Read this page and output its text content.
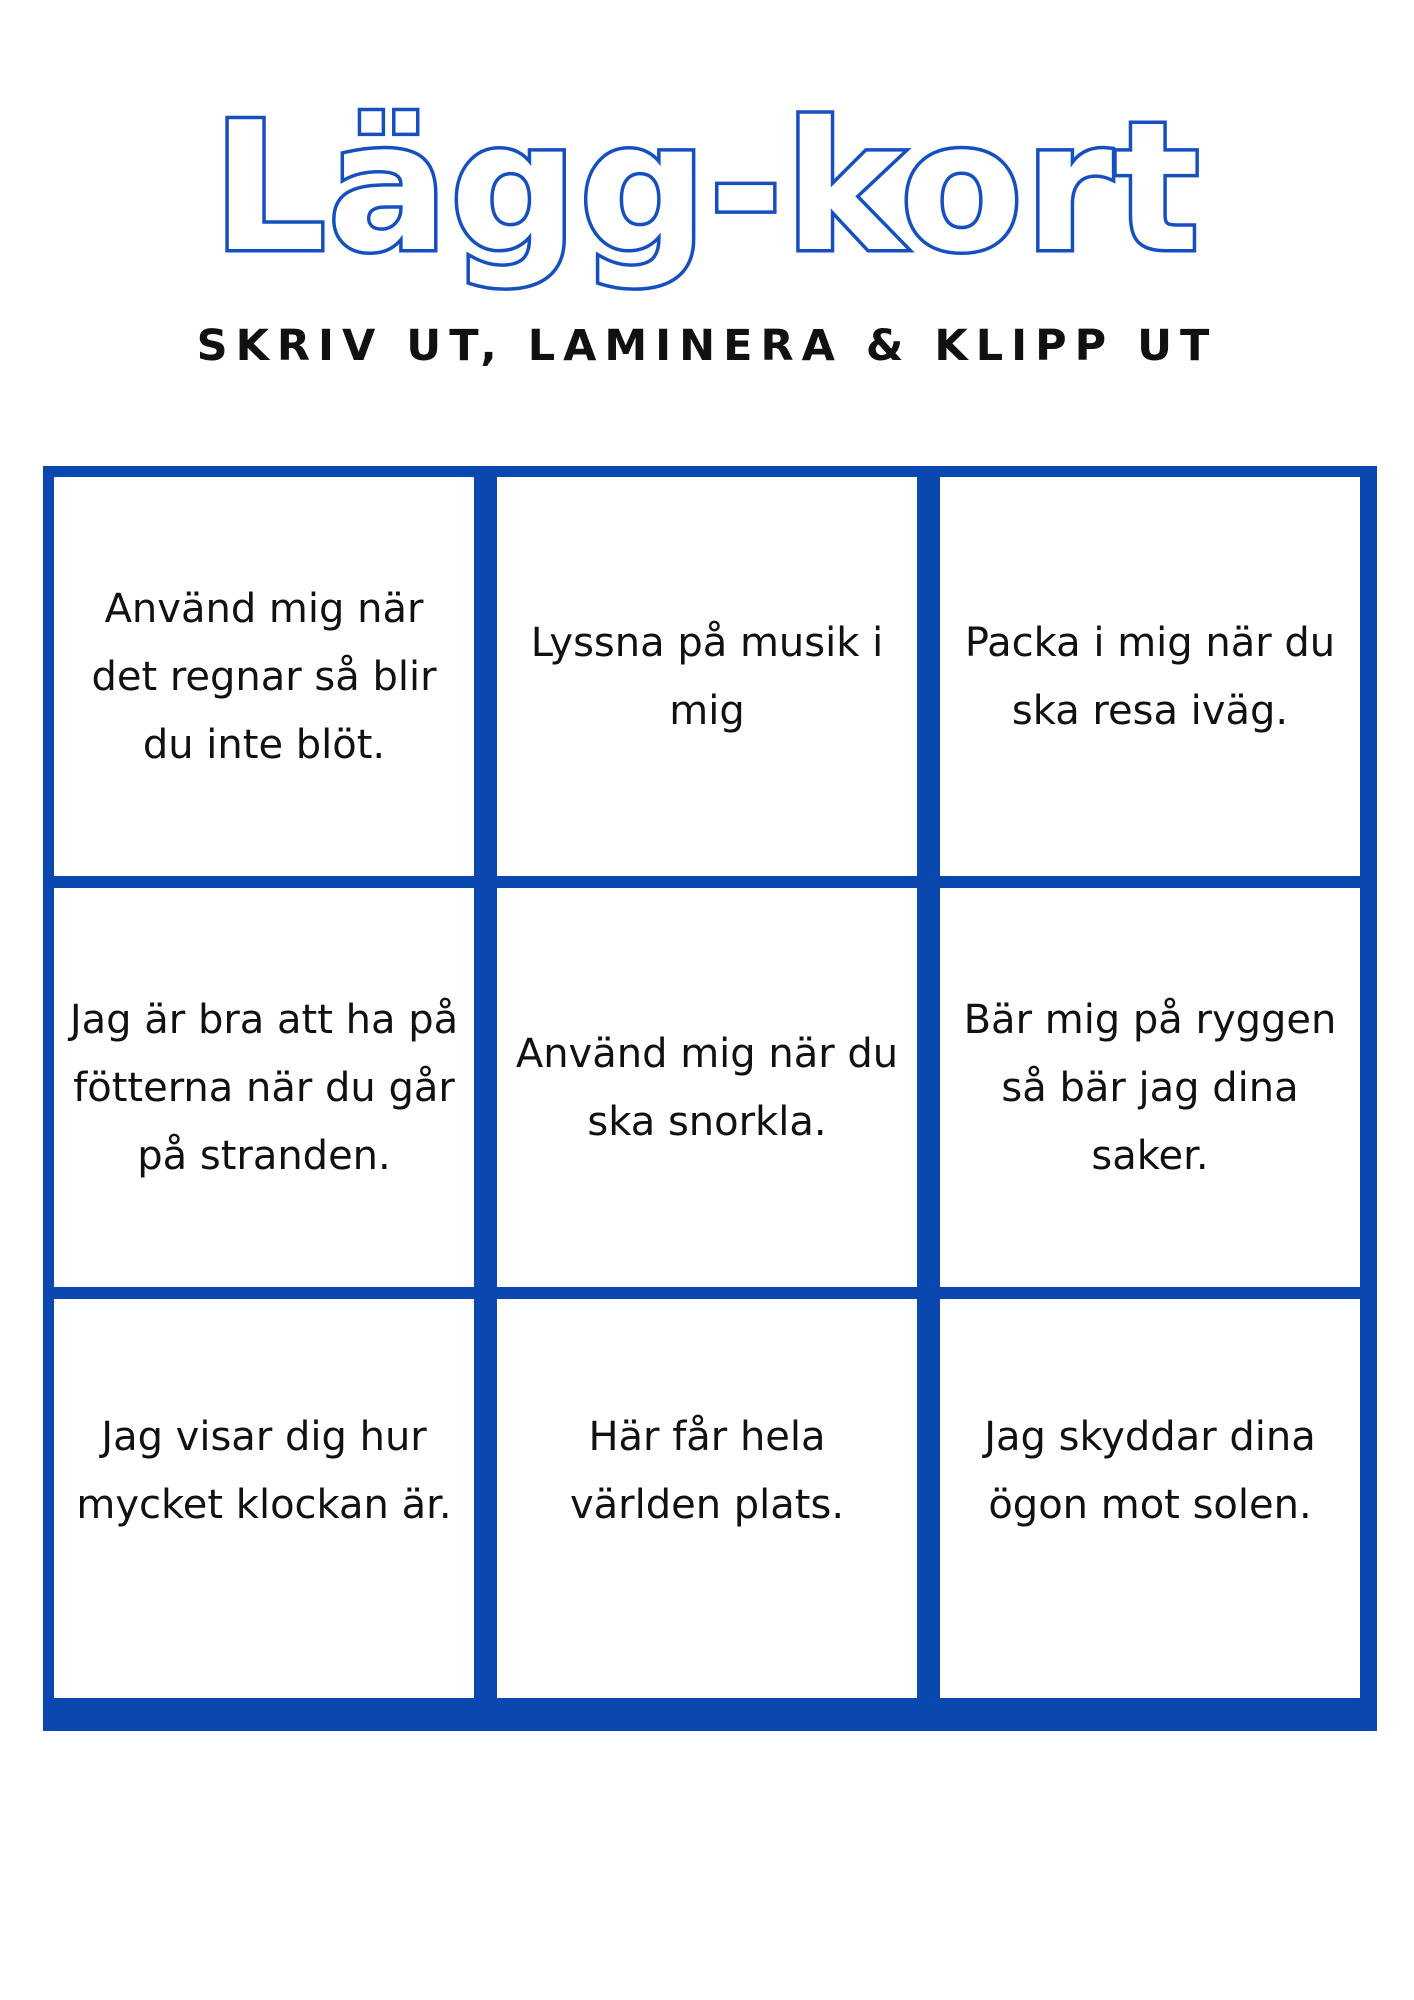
Lägg-kort
SKRIV UT, LAMINERA & KLIPP UT

Använd mig när det regnar så blir du inte blöt.

Lyssna på musik i mig

Packa i mig när du ska resa iväg.

Jag är bra att ha på fötterna när du går på stranden.

Använd mig när du ska snorkla.

Bär mig på ryggen så bär jag dina saker.

Jag visar dig hur mycket klockan är.

Här får hela världen plats.

Jag skyddar dina ögon mot solen.
